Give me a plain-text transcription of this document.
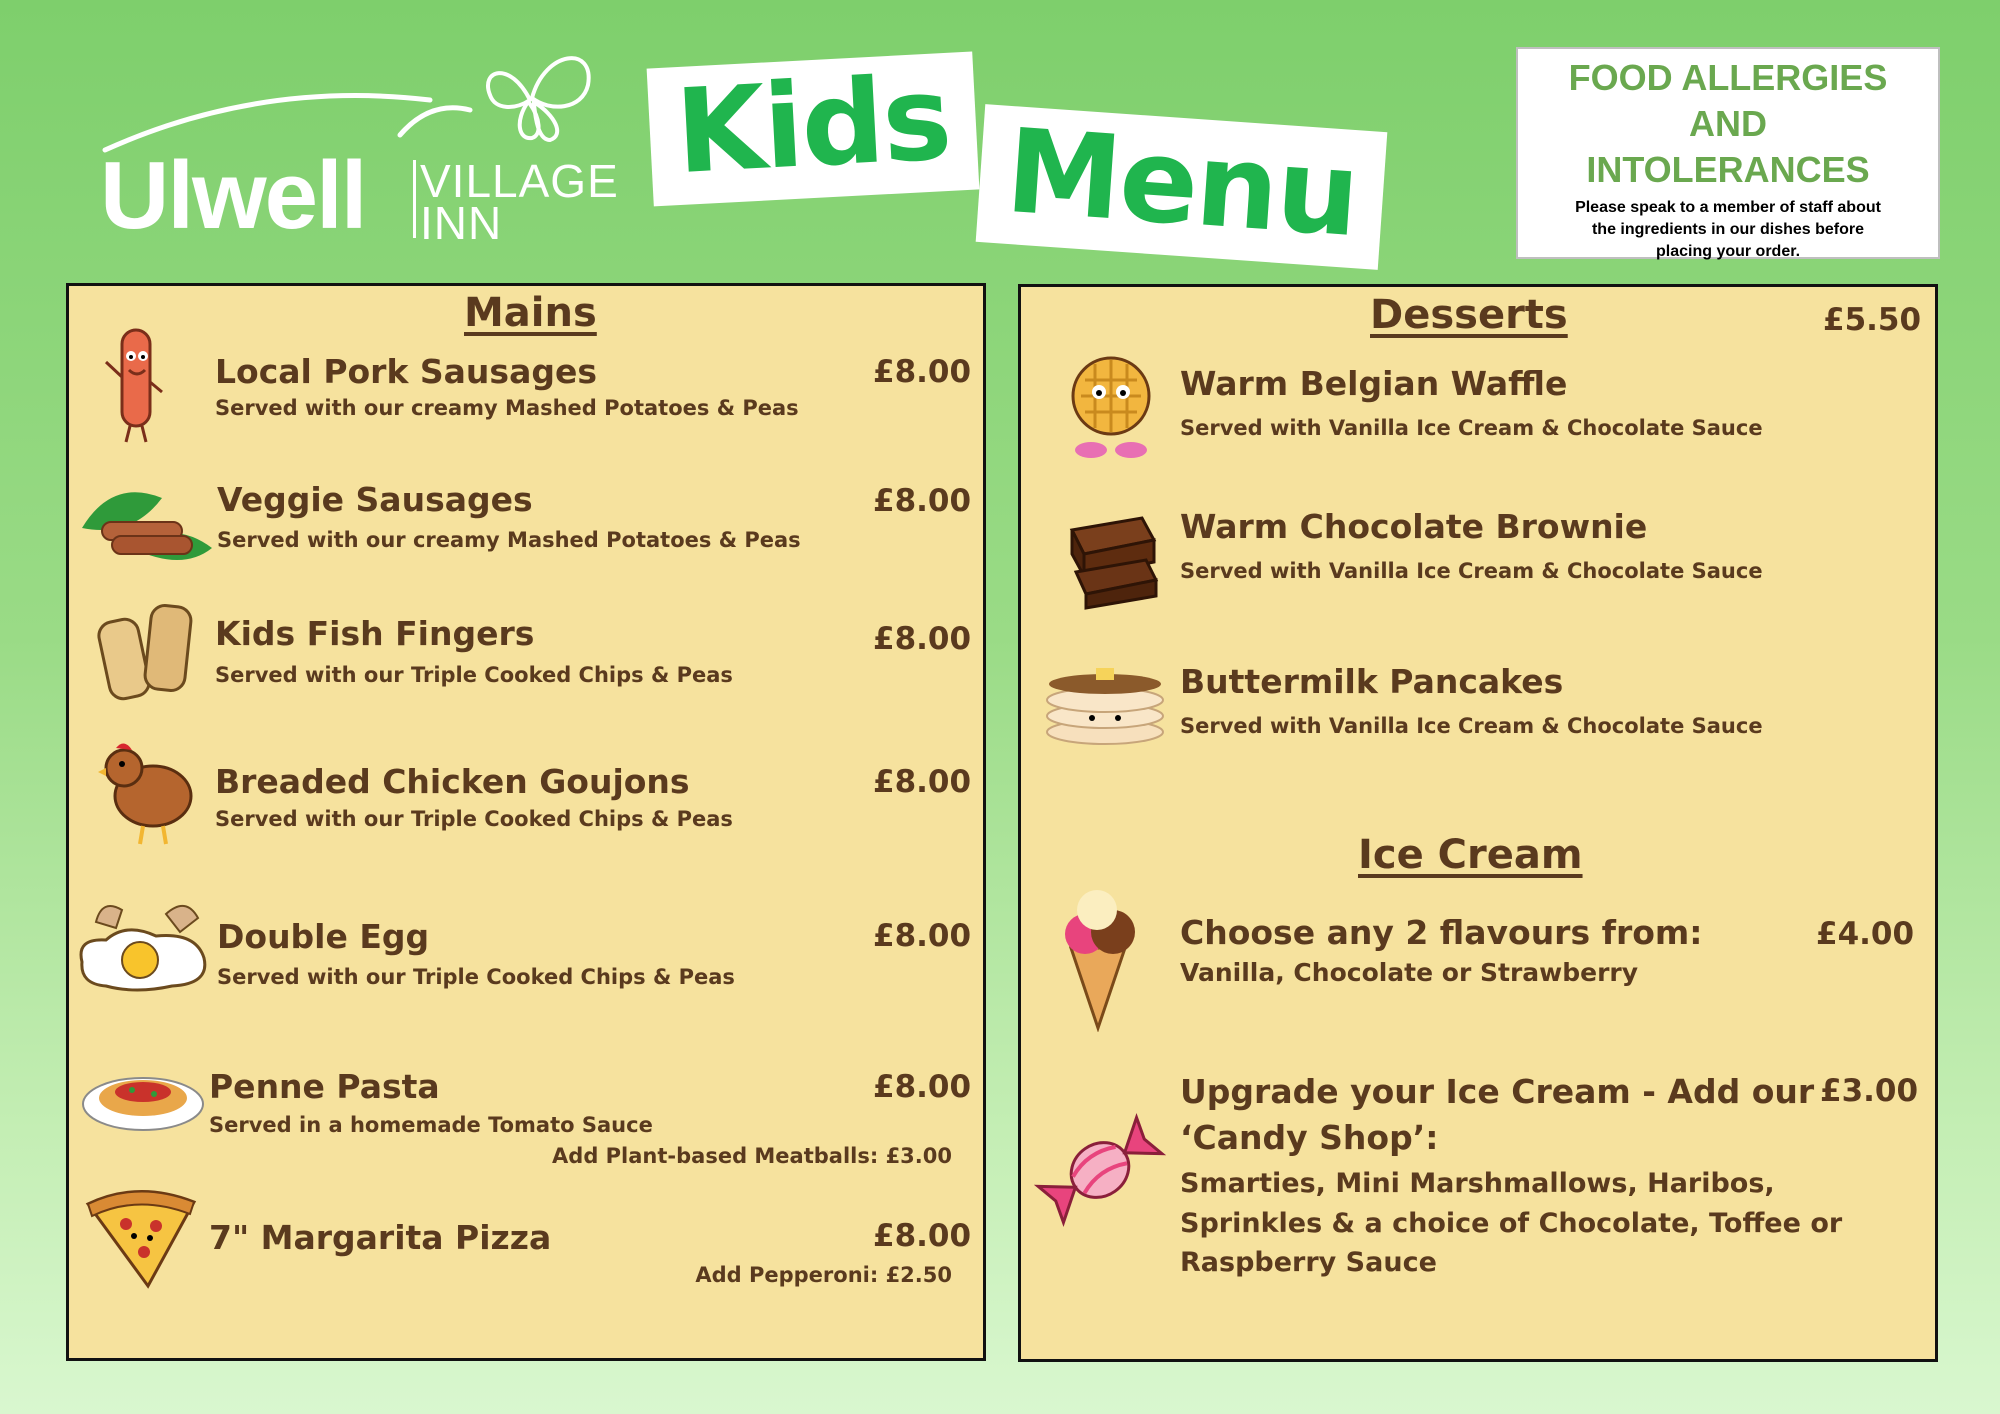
Ulwell VILLAGE
INN
Kids Menu
FOOD ALLERGIES
AND
INTOLERANCES
Please speak to a member of staff about
the ingredients in our dishes before
placing your order.
Mains
Local Pork Sausages
Served with our creamy Mashed Potatoes & Peas
£8.00
Veggie Sausages
Served with our creamy Mashed Potatoes & Peas
£8.00
Kids Fish Fingers
Served with our Triple Cooked Chips & Peas
£8.00
Breaded Chicken Goujons
Served with our Triple Cooked Chips & Peas
£8.00
Double Egg
Served with our Triple Cooked Chips & Peas
£8.00
Penne Pasta
Served in a homemade Tomato Sauce
£8.00
Add Plant-based Meatballs: £3.00
7" Margarita Pizza	£8.00
Add Pepperoni: £2.50
Desserts	£5.50
Warm Belgian Waffle
Served with Vanilla Ice Cream & Chocolate Sauce
Warm Chocolate Brownie
Served with Vanilla Ice Cream & Chocolate Sauce
Buttermilk Pancakes
Served with Vanilla Ice Cream & Chocolate Sauce
Ice Cream
Choose any 2 flavours from:
Vanilla, Chocolate or Strawberry
£4.00
Upgrade your Ice Cream - Add our
‘Candy Shop’:
£3.00
Smarties, Mini Marshmallows, Haribos,
Sprinkles & a choice of Chocolate, Toffee or
Raspberry Sauce
